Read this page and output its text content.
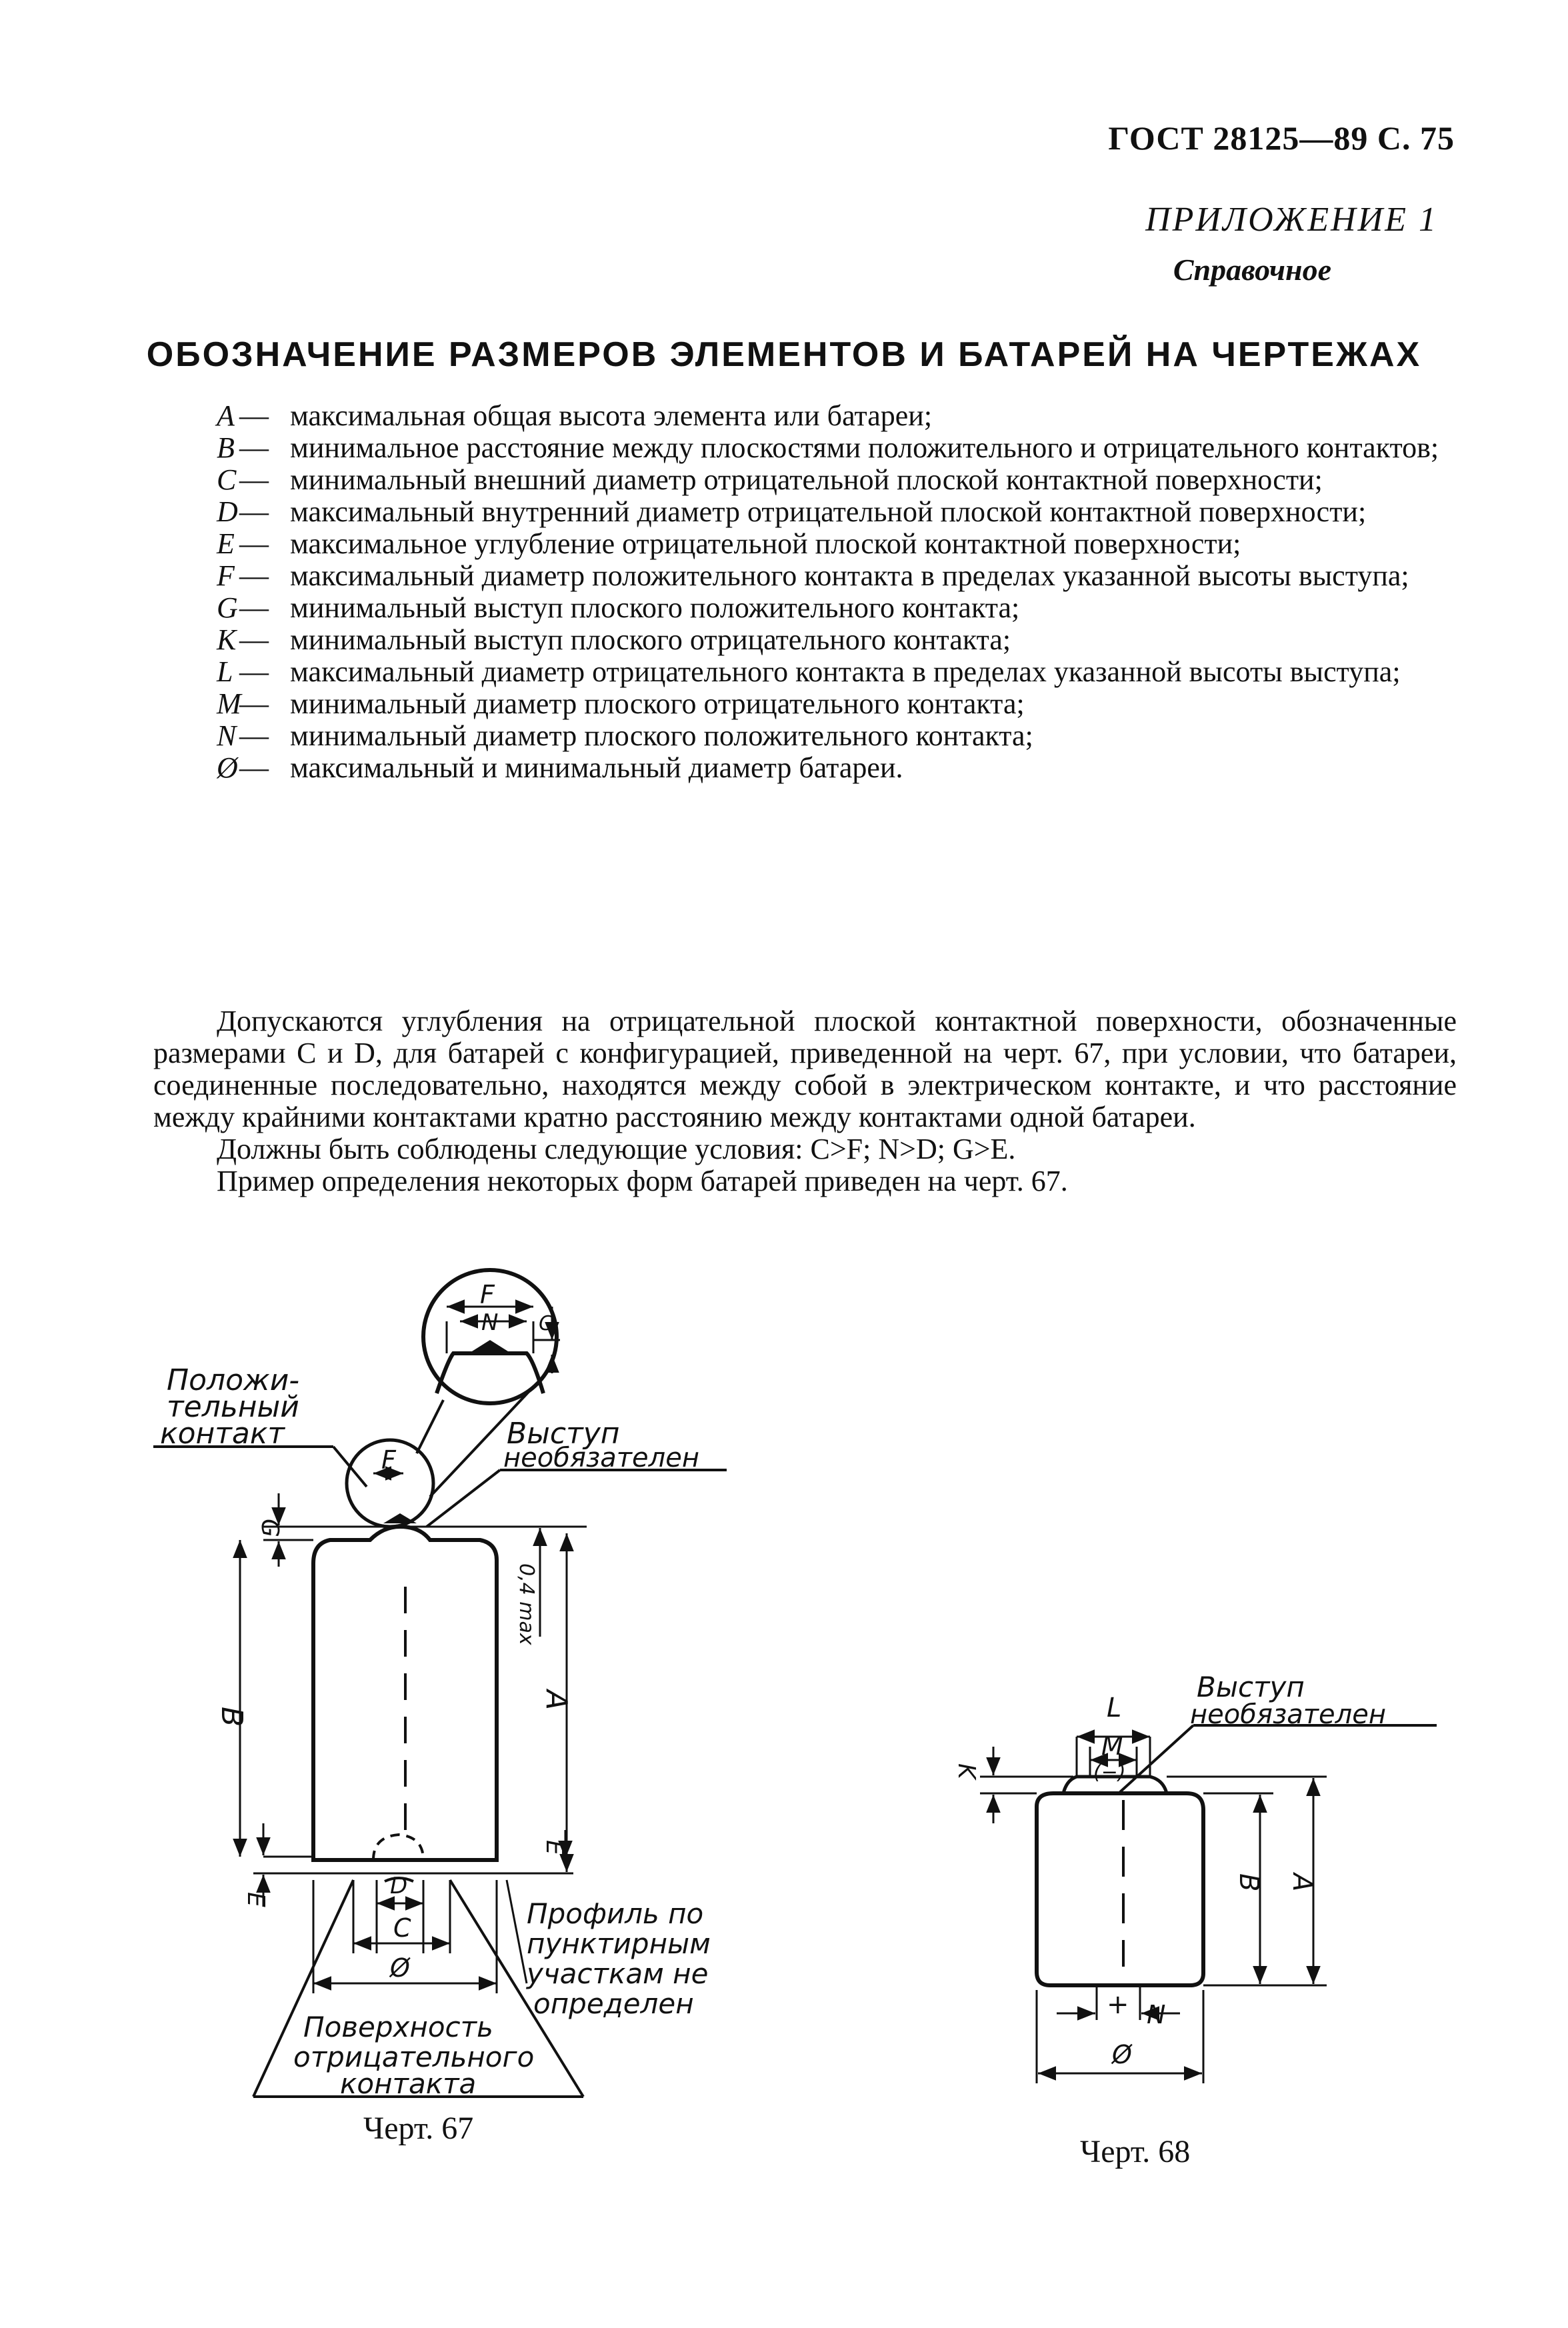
ГОСТ 28125—89 С. 75
ПРИЛОЖЕНИЕ 1
Справочное
ОБОЗНАЧЕНИЕ РАЗМЕРОВ ЭЛЕМЕНТОВ И БАТАРЕЙ НА ЧЕРТЕЖАХ
A — максимальная общая высота элемента или батареи;
B — минимальное расстояние между плоскостями положительного и отрицательного контактов;
C — минимальный внешний диаметр отрицательной плоской контактной поверхности;
D — максимальный внутренний диаметр отрицательной плоской контактной поверхности;
E — максимальное углубление отрицательной плоской контактной поверхности;
F — максимальный диаметр положительного контакта в пределах указанной высоты выступа;
G — минимальный выступ плоского положительного контакта;
K — минимальный выступ плоского отрицательного контакта;
L — максимальный диаметр отрицательного контакта в пределах указанной высоты выступа;
M
— минимальный диаметр плоского отрицательного контакта;
N — минимальный диаметр плоского положительного контакта;
Ø — максимальный и минимальный диаметр батареи.

Допускаются углубления на отрицательной плоской контактной поверхности, обозначенные размерами C и D, для батарей с конфигурацией, приведенной на черт. 67, при условии, что батареи, соединенные последовательно, находятся между собой в электрическом контакте, и что расстояние между крайними контактами кратно расстоянию между контактами одной батареи.

Должны быть соблюдены следующие условия: C>F; N>D; G>E.

Пример определения некоторых форм батарей приведен на черт. 67.

Положи-
тельный
контакт	Выступ
необязателен
Профиль по
пунктирным
участкам не
определен
Поверхность
отрицательного
контакта
F
N G
F
G
B
E
0,4 max
A
E
D
C
Ø
L
M
(−)
Выступ
необязателен
K
B A
+ N
Ø
Черт. 67
Черт. 68
